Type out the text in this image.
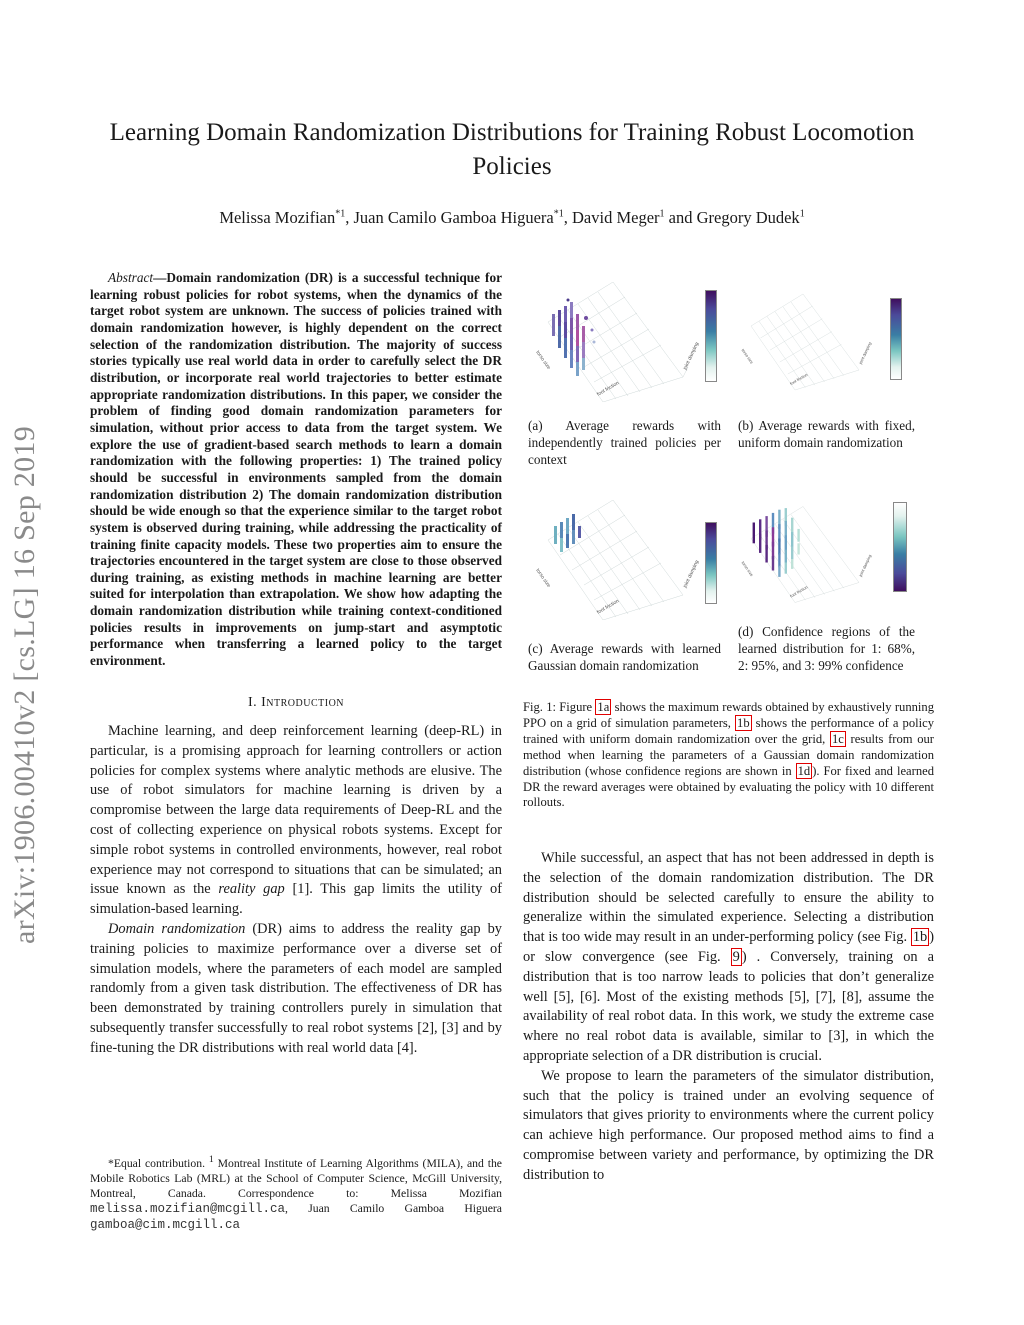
arXiv:1906.00410v2 [cs.LG] 16 Sep 2019
Learning Domain Randomization Distributions for Training Robust Locomotion Policies
Melissa Mozifian$^{*1}$, Juan Camilo Gamboa Higuera$^{*1}$, David Meger$^1$ and Gregory Dudek$^1$

Abstract—Domain randomization (DR) is a successful technique for learning robust policies for robot systems, when the dynamics of the target robot system are unknown. The success of policies trained with domain randomization however, is highly dependent on the correct selection of the randomization distribution. The majority of success stories typically use real world data in order to carefully select the DR distribution, or incorporate real world trajectories to better estimate appropriate randomization distributions. In this paper, we consider the problem of finding good domain randomization parameters for simulation, without prior access to data from the target system. We explore the use of gradient-based search methods to learn a domain randomization with the following properties: 1) The trained policy should be successful in environments sampled from the domain randomization distribution 2) The domain randomization distribution should be wide enough so that the experience similar to the target robot system is observed during training, while addressing the practicality of training finite capacity models. These two properties aim to ensure the trajectories encountered in the target system are close to those observed during training, as existing methods in machine learning are better suited for interpolation than extrapolation. We show how adapting the domain randomization distribution while training context-conditioned policies results in improvements on jump-start and asymptotic performance when transferring a learned policy to the target environment.

I. Introduction

Machine learning, and deep reinforcement learning (deep-RL) in particular, is a promising approach for learning controllers or action policies for complex systems where analytic methods are elusive. The use of robot simulators for machine learning is driven by a compromise between the large data requirements of Deep-RL and the cost of collecting experience on physical robots systems. Except for simple robot systems in controlled environments, however, real robot experience may not correspond to situations that can be simulated; an issue known as the reality gap [1]. This gap limits the utility of simulation-based learning.

Domain randomization (DR) aims to address the reality gap by training policies to maximize performance over a diverse set of simulation models, where the parameters of each model are sampled randomly from a given task distribution. The effectiveness of DR has been demonstrated by training controllers purely in simulation that subsequently transfer successfully to real robot systems [2], [3] and by fine-tuning the DR distributions with real world data [4].

*Equal contribution. $^1$ Montreal Institute of Learning Algorithms (MILA), and the Mobile Robotics Lab (MRL) at the School of Computer Science, McGill University, Montreal, Canada. Correspondence to: Melissa Mozifian melissa.mozifian@mcgill.ca, Juan Camilo Gamboa Higuera gamboa@cim.mcgill.ca

foot friction
torso size	joint damping
foot friction
torso size	joint damping
foot friction
torso size	joint damping
foot friction
torso size	joint damping
(a) Average rewards with independently trained policies per context
(b) Average rewards with fixed, uniform domain randomization
(c) Average rewards with learned Gaussian domain randomization
(d) Confidence regions of the learned distribution for 1: 68%, 2: 95%, and 3: 99% confidence
Fig. 1: Figure 1a shows the maximum rewards obtained by exhaustively running PPO on a grid of simulation parameters, 1b shows the performance of a policy trained with uniform domain randomization over the grid, 1c results from our method when learning the parameters of a Gaussian domain randomization distribution (whose confidence regions are shown in 1d ). For fixed and learned DR the reward averages were obtained by evaluating the policy with 10 different rollouts.

While successful, an aspect that has not been addressed in depth is the selection of the domain randomization distribution. The DR distribution should be selected carefully to ensure the ability to generalize within the simulated experience. Selecting a distribution that is too wide may result in an under-performing policy (see Fig. 1b ) or slow convergence (see Fig. 9 ) . Conversely, training on a distribution that is too narrow leads to policies that don’t generalize well [5], [6]. Most of the existing methods [5], [7], [8], assume the availability of real robot data. In this work, we study the extreme case where no real robot data is available, similar to [3], in which the appropriate selection of a DR distribution is crucial.

We propose to learn the parameters of the simulator distribution, such that the policy is trained under an evolving sequence of simulators that gives priority to environments where the current policy can achieve high performance. Our proposed method aims to find a compromise between variety and performance, by optimizing the DR distribution to
